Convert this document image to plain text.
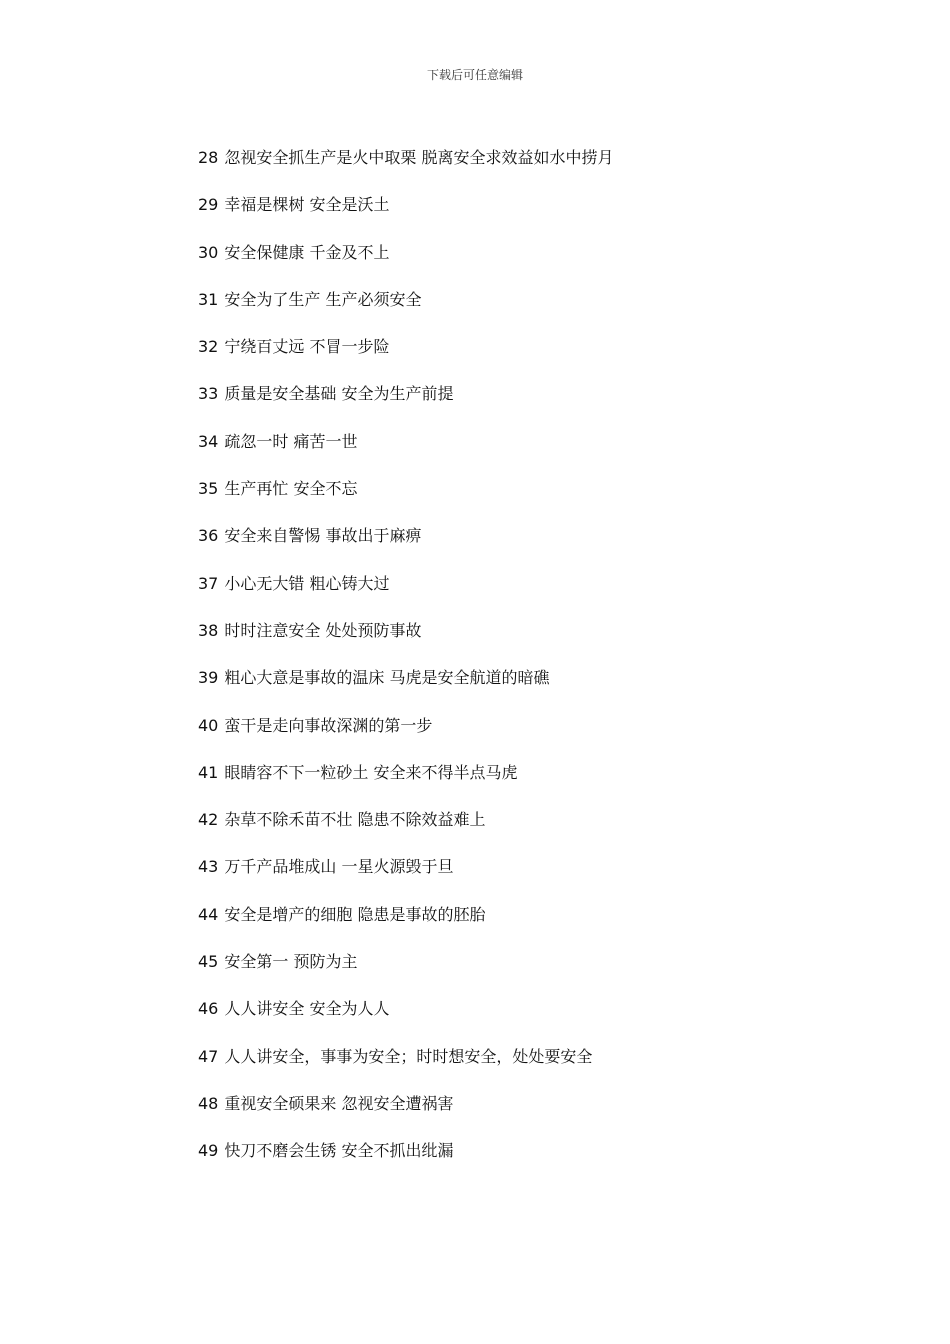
下载后可任意编辑
28 忽视安全抓生产是火中取栗 脱离安全求效益如水中捞月
29 幸福是棵树 安全是沃土
30 安全保健康 千金及不上
31 安全为了生产 生产必须安全
32 宁绕百丈远 不冒一步险
33 质量是安全基础 安全为生产前提
34 疏忽一时 痛苦一世
35 生产再忙 安全不忘
36 安全来自警惕 事故出于麻痹
37 小心无大错 粗心铸大过
38 时时注意安全 处处预防事故
39 粗心大意是事故的温床 马虎是安全航道的暗礁
40 蛮干是走向事故深渊的第一步
41 眼睛容不下一粒砂土 安全来不得半点马虎
42 杂草不除禾苗不壮 隐患不除效益难上
43 万千产品堆成山 一星火源毁于旦
44 安全是增产的细胞 隐患是事故的胚胎
45 安全第一 预防为主
46 人人讲安全 安全为人人
47 人人讲安全，事事为安全；时时想安全，处处要安全
48 重视安全硕果来 忽视安全遭祸害
49 快刀不磨会生锈 安全不抓出纰漏
